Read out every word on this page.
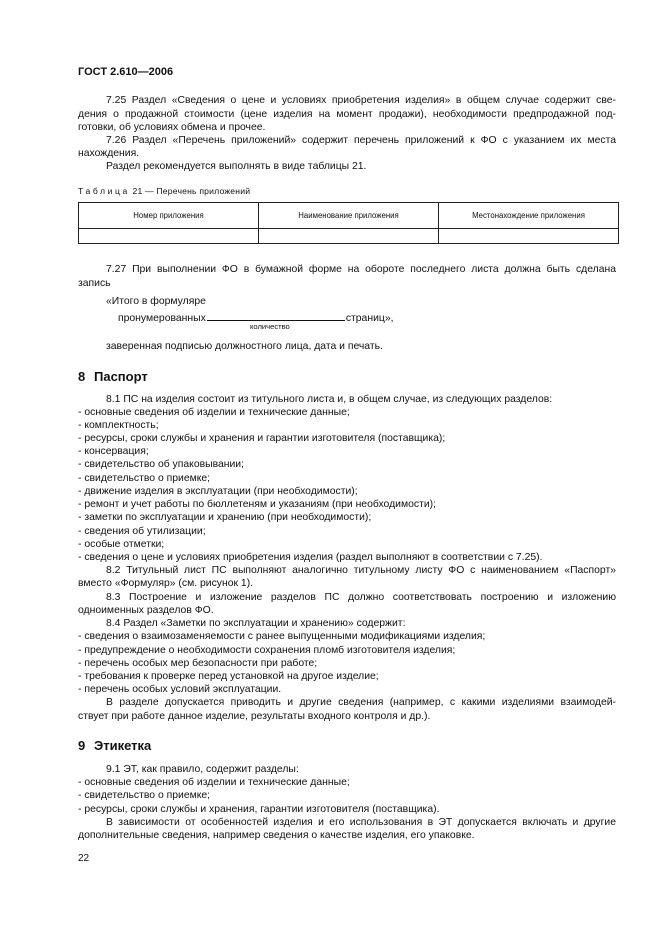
ГОСТ 2.610—2006
7.25 Раздел «Сведения о цене и условиях приобретения изделия» в общем случае содержит све-
дения о продажной стоимости (цене изделия на момент продажи), необходимости предпродажной под-
готовки, об условиях обмена и прочее.
7.26 Раздел «Перечень приложений» содержит перечень приложений к ФО с указанием их места
нахождения.
Раздел рекомендуется выполнять в виде таблицы 21.
Таблица 21 — Перечень приложений
Номер приложения	Наименование приложения	Местонахождение приложения

7.27 При выполнении ФО в бумажной форме на обороте последнего листа должна быть сделана
запись
«Итого в формуляре
пронумерованных	страниц»,
количество
заверенная подписью должностного лица, дата и печать.
8 Паспорт
8.1 ПС на изделия состоит из титульного листа и, в общем случае, из следующих разделов:
- основные сведения об изделии и технические данные;
- комплектность;
- ресурсы, сроки службы и хранения и гарантии изготовителя (поставщика);
- консервация;
- свидетельство об упаковывании;
- свидетельство о приемке;
- движение изделия в эксплуатации (при необходимости);
- ремонт и учет работы по бюллетеням и указаниям (при необходимости);
- заметки по эксплуатации и хранению (при необходимости);
- сведения об утилизации;
- особые отметки;
- сведения о цене и условиях приобретения изделия (раздел выполняют в соответствии с 7.25).
8.2 Титульный лист ПС выполняют аналогично титульному листу ФО с наименованием «Паспорт»
вместо «Формуляр» (см. рисунок 1).
8.3 Построение и изложение разделов ПС должно соответствовать построению и изложению
одноименных разделов ФО.
8.4 Раздел «Заметки по эксплуатации и хранению» содержит:
- сведения о взаимозаменяемости с ранее выпущенными модификациями изделия;
- предупреждение о необходимости сохранения пломб изготовителя изделия;
- перечень особых мер безопасности при работе;
- требования к проверке перед установкой на другое изделие;
- перечень особых условий эксплуатации.
В разделе допускается приводить и другие сведения (например, с какими изделиями взаимодей-
ствует при работе данное изделие, результаты входного контроля и др.).
9 Этикетка
9.1 ЭТ, как правило, содержит разделы:
- основные сведения об изделии и технические данные;
- свидетельство о приемке;
- ресурсы, сроки службы и хранения, гарантии изготовителя (поставщика).
В зависимости от особенностей изделия и его использования в ЭТ допускается включать и другие
дополнительные сведения, например сведения о качестве изделия, его упаковке.
22
